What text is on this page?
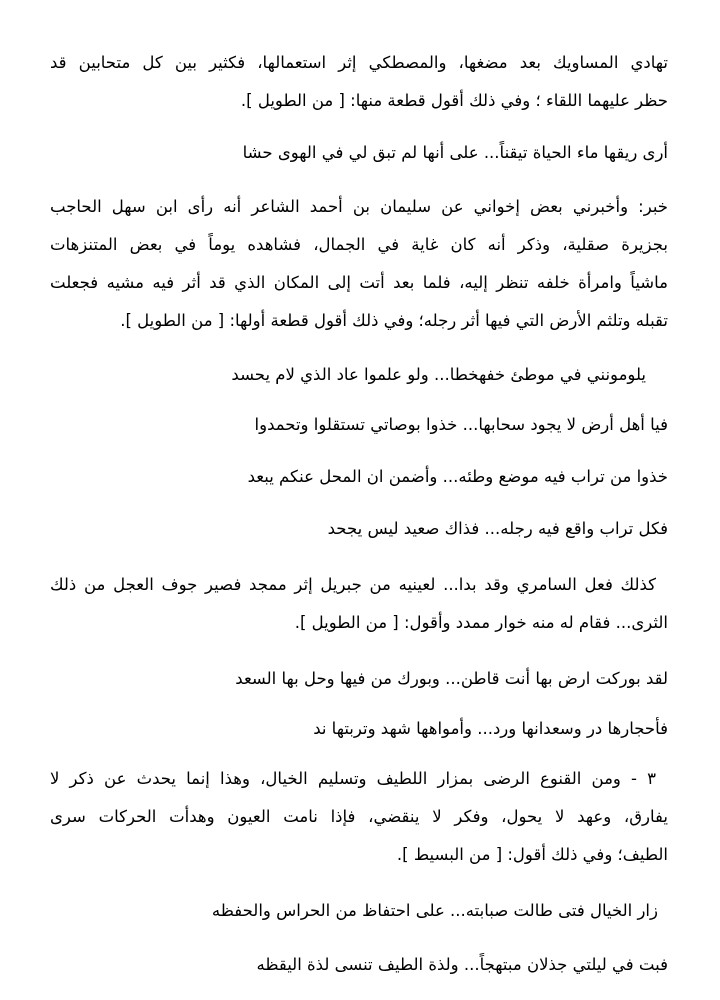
تهادي المساويك بعد مضغها، والمصطكي إثر استعمالها، فكثير بين كل متحابين قد
حظر عليهما اللقاء ؛ وفي ذلك أقول قطعة منها: [ من الطويل ].
أرى ريقها ماء الحياة تيقناً... على أنها لم تبق لي في الهوى حشا
خبر: وأخبرني بعض إخواني عن سليمان بن أحمد الشاعر أنه رأى ابن سهل الحاجب
بجزيرة صقلية، وذكر أنه كان غاية في الجمال، فشاهده يوماً في بعض المتنزهات
ماشياً وامرأة خلفه تنظر إليه، فلما بعد أتت إلى المكان الذي قد أثر فيه مشيه فجعلت
تقبله وتلثم الأرض التي فيها أثر رجله؛ وفي ذلك أقول قطعة أولها: [ من الطويل ].
يلومونني في موطئ خفهخطا... ولو علموا عاد الذي لام يحسد
فيا أهل أرض لا يجود سحابها... خذوا بوصاتي تستقلوا وتحمدوا
خذوا من تراب فيه موضع وطئه... وأضمن ان المحل عنكم يبعد
فكل تراب واقع فيه رجله... فذاك صعيد ليس يجحد
كذلك فعل السامري وقد بدا... لعينيه من جبريل إثر ممجد فصير جوف العجل من ذلك
الثرى... فقام له منه خوار ممدد وأقول: [ من الطويل ].
لقد بوركت ارض بها أنت قاطن... وبورك من فيها وحل بها السعد
فأحجارها در وسعدانها ورد... وأمواهها شهد وتربتها ند
٣ - ومن القنوع الرضى بمزار اللطيف وتسليم الخيال، وهذا إنما يحدث عن ذكر لا
يفارق، وعهد لا يحول، وفكر لا ينقضي، فإذا نامت العيون وهدأت الحركات سرى
الطيف؛ وفي ذلك أقول: [ من البسيط ].
زار الخيال فتى طالت صبابته... على احتفاظ من الحراس والحفظه
فبت في ليلتي جذلان مبتهجاً... ولذة الطيف تنسى لذة اليقظه
